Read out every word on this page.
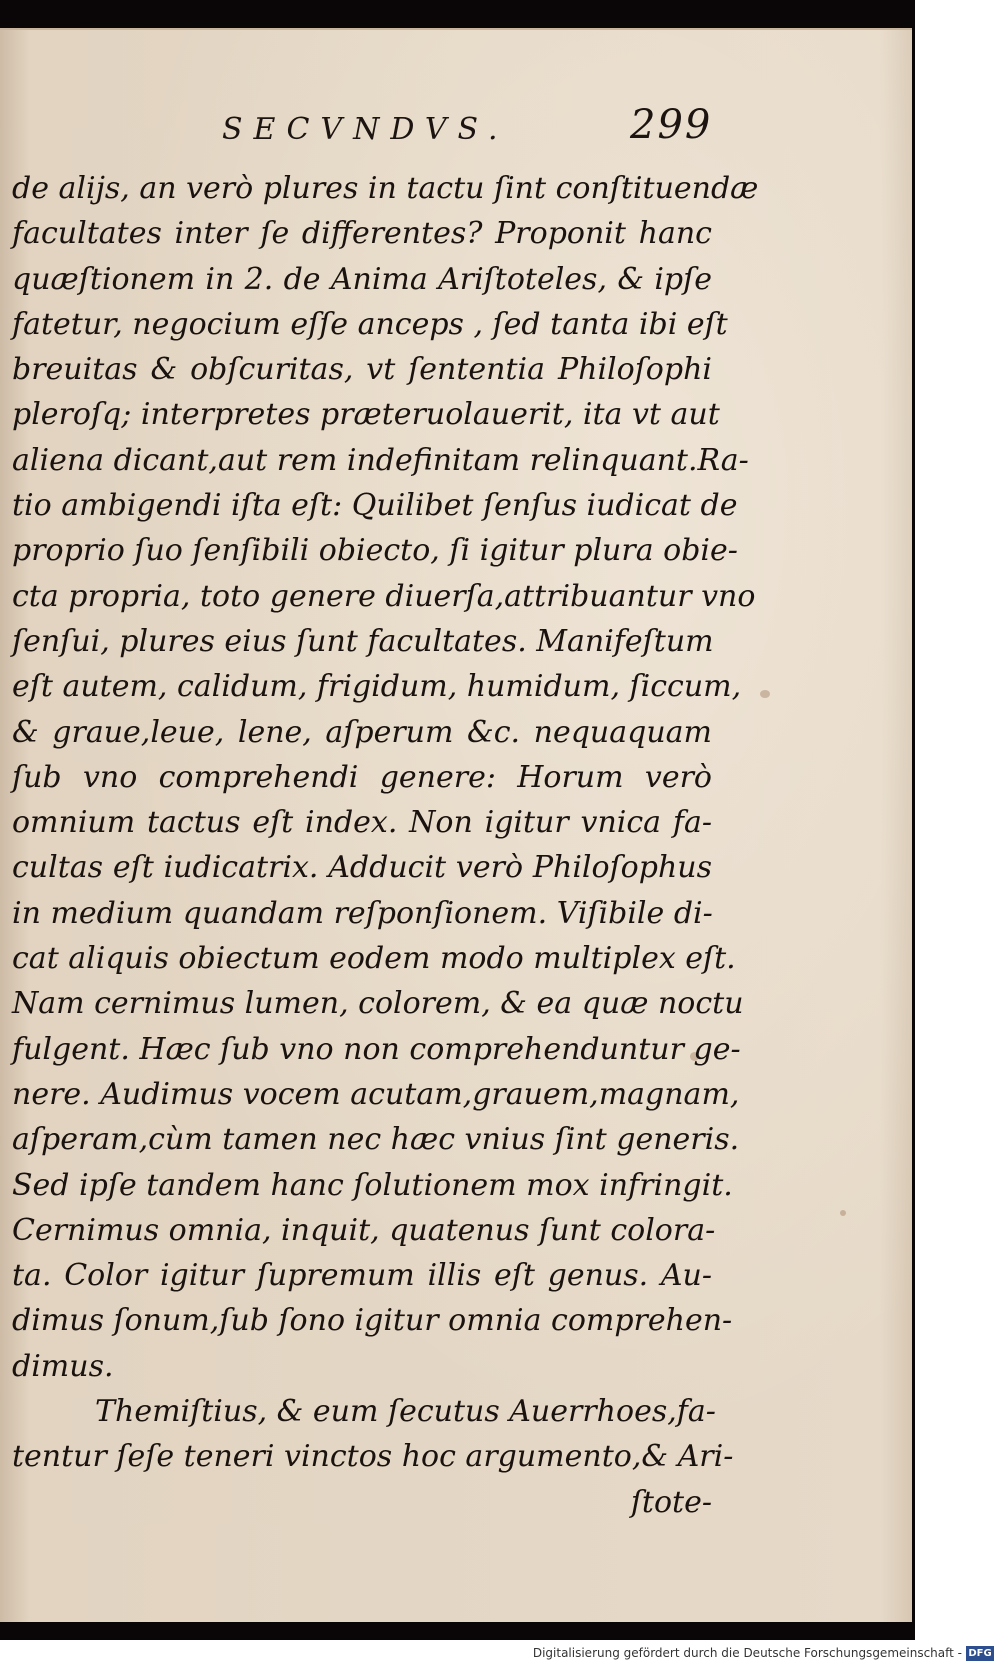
SECVNDVS.	299
de alijs, an verò plures in tactu ſint conſtituendæ
facultates inter ſe differentes? Proponit hanc
quæſtionem in 2. de Anima Ariſtoteles, & ipſe
fatetur, negocium eſſe anceps , ſed tanta ibi eſt
breuitas & obſcuritas, vt ſententia Philoſophi
pleroſq; interpretes præteruolauerit, ita vt aut
aliena dicant,aut rem indefinitam relinquant.Ra-
tio ambigendi iſta eſt: Quilibet ſenſus iudicat de
proprio ſuo ſenſibili obiecto, ſi igitur plura obie-
cta propria, toto genere diuerſa,attribuantur vno
ſenſui, plures eius ſunt facultates. Manifeſtum
eſt autem, calidum, frigidum, humidum, ſiccum,
& graue,leue, lene, aſperum &c. nequaquam
ſub vno comprehendi genere: Horum verò
omnium tactus eſt index. Non igitur vnica fa-
cultas eſt iudicatrix. Adducit verò Philoſophus
in medium quandam reſponſionem. Viſibile di-
cat aliquis obiectum eodem modo multiplex eſt.
Nam cernimus lumen, colorem, & ea quæ noctu
fulgent. Hæc ſub vno non comprehenduntur ge-
nere. Audimus vocem acutam,grauem,magnam,
aſperam,cùm tamen nec hæc vnius ſint generis.
Sed ipſe tandem hanc ſolutionem mox infringit.
Cernimus omnia, inquit, quatenus ſunt colora-
ta. Color igitur ſupremum illis eſt genus. Au-
dimus ſonum,ſub ſono igitur omnia comprehen-
dimus.
Themiſtius, & eum ſecutus Auerrhoes,fa-
tentur ſeſe teneri vinctos hoc argumento,& Ari-
ſtote-
Digitalisierung gefördert durch die Deutsche Forschungsgemeinschaft - DFG
